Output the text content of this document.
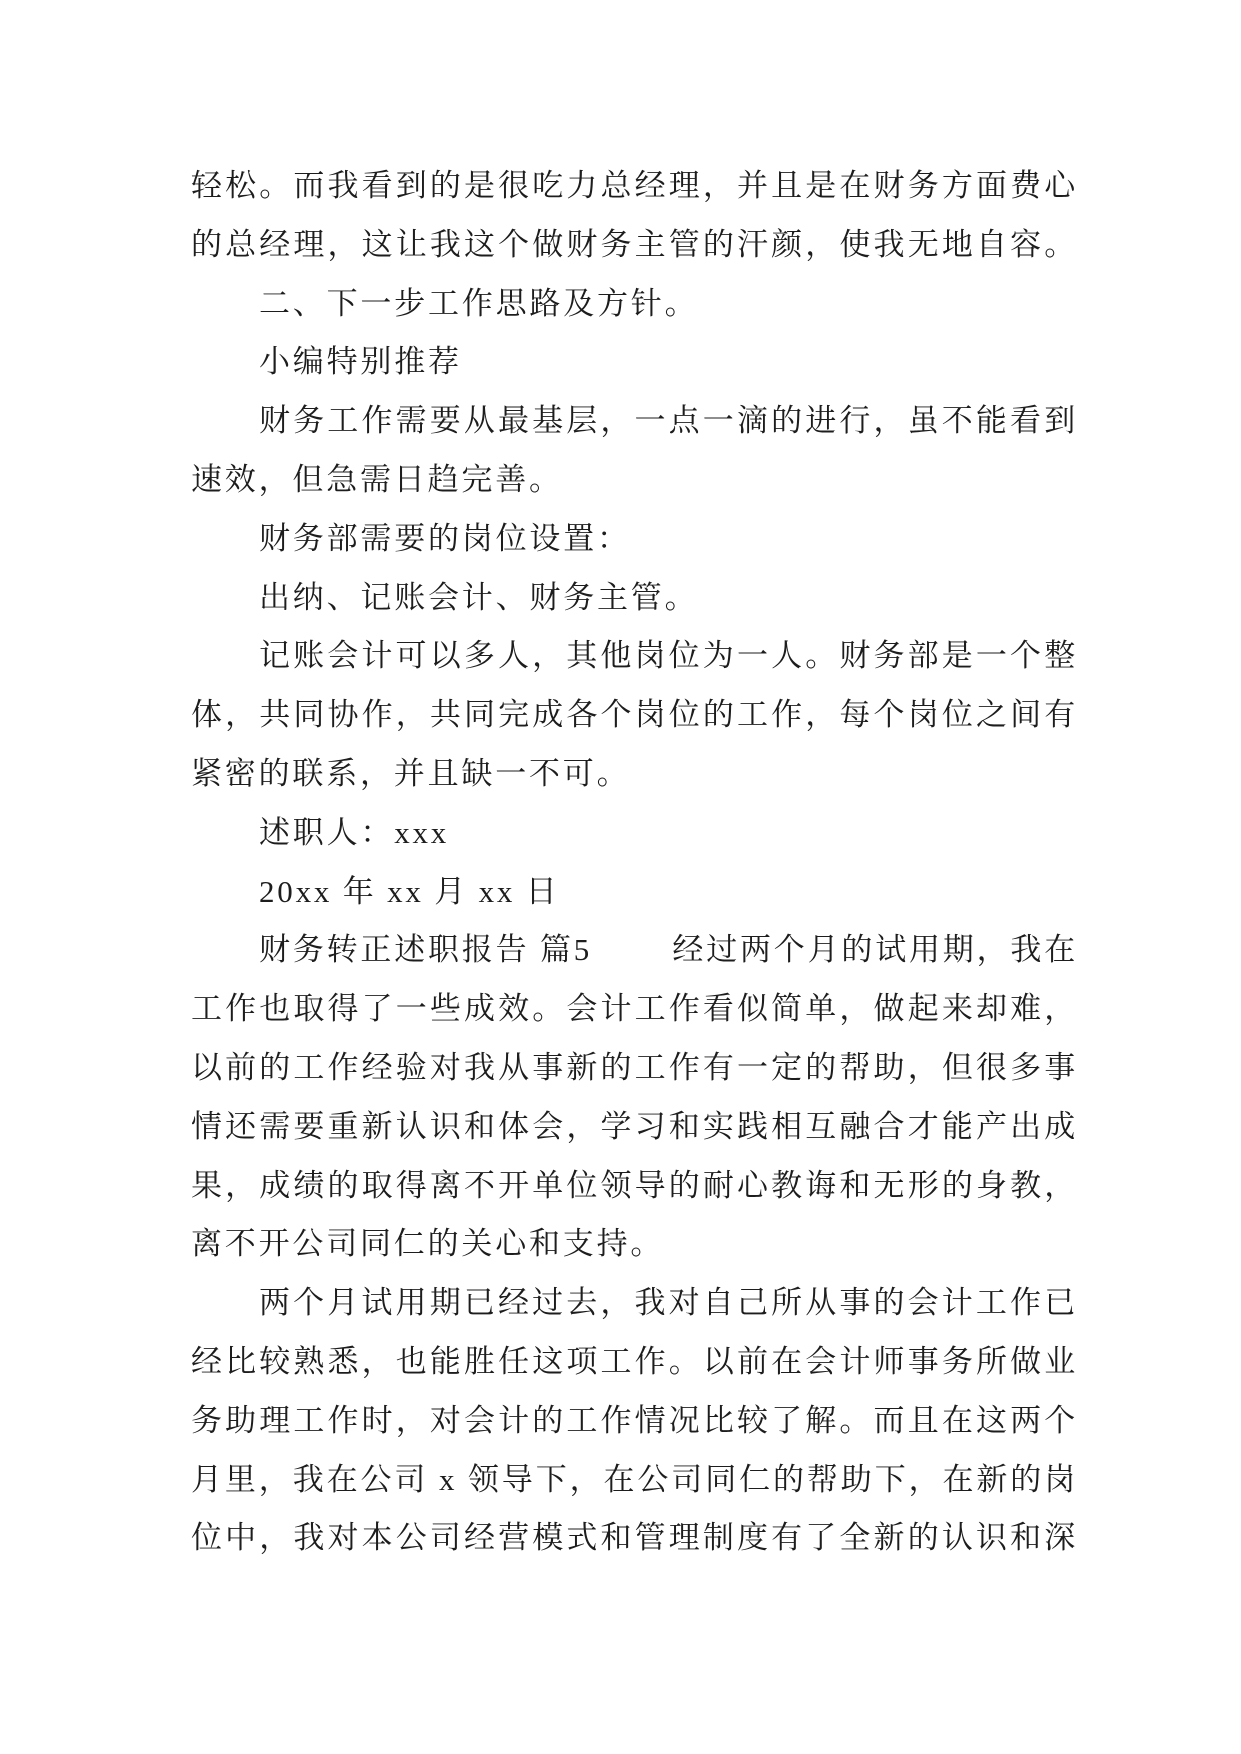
轻松。而我看到的是很吃力总经理，并且是在财务方面费心
的总经理，这让我这个做财务主管的汗颜，使我无地自容。
二、下一步工作思路及方针。
小编特别推荐
财务工作需要从最基层，一点一滴的进行，虽不能看到
速效，但急需日趋完善。
财务部需要的岗位设置：
出纳、记账会计、财务主管。
记账会计可以多人，其他岗位为一人。财务部是一个整
体，共同协作，共同完成各个岗位的工作，每个岗位之间有
紧密的联系，并且缺一不可。
述职人：xxx
20xx 年 xx 月 xx 日
财务转正述职报告 篇5	经过两个月的试用期，我在
工作也取得了一些成效。会计工作看似简单，做起来却难，
以前的工作经验对我从事新的工作有一定的帮助，但很多事
情还需要重新认识和体会，学习和实践相互融合才能产出成
果，成绩的取得离不开单位领导的耐心教诲和无形的身教，
离不开公司同仁的关心和支持。
两个月试用期已经过去，我对自己所从事的会计工作已
经比较熟悉，也能胜任这项工作。以前在会计师事务所做业
务助理工作时，对会计的工作情况比较了解。而且在这两个
月里，我在公司 x 领导下，在公司同仁的帮助下，在新的岗
位中，我对本公司经营模式和管理制度有了全新的认识和深
